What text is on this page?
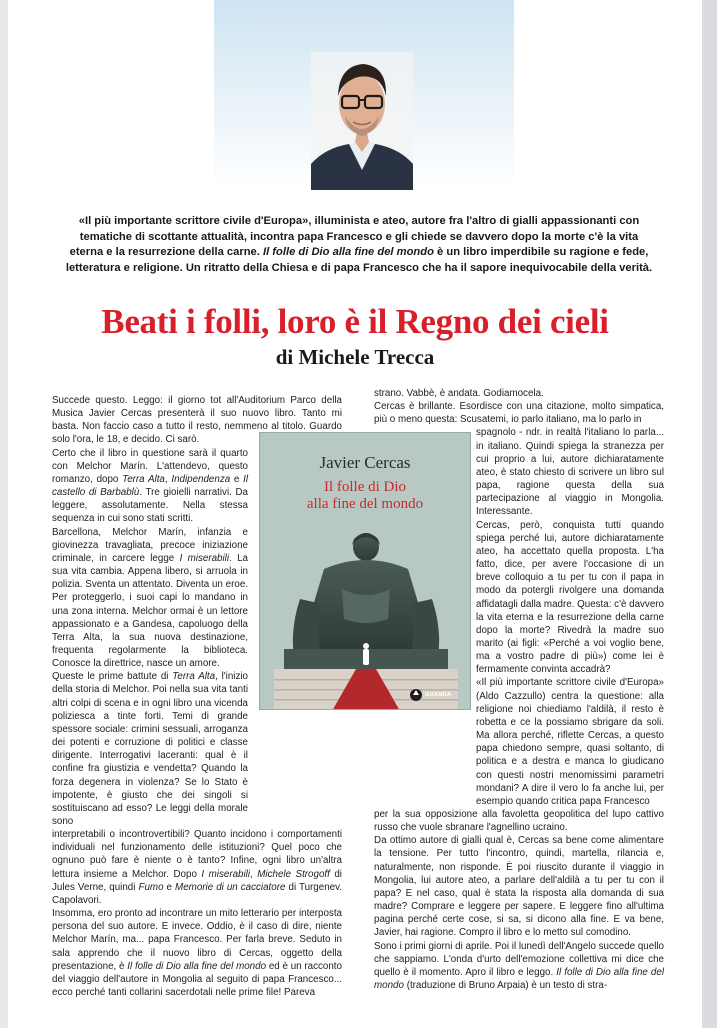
«Il più importante scrittore civile d'Europa», illuminista e ateo, autore fra l'altro di gialli appassionanti con tematiche di scottante attualità, incontra papa Francesco e gli chiede se davvero dopo la morte c'è la vita eterna e la resurrezione della carne. Il folle di Dio alla fine del mondo è un libro imperdibile su ragione e fede, letteratura e religione. Un ritratto della Chiesa e di papa Francesco che ha il sapore inequivocabile della verità.
Beati i folli, loro è il Regno dei cieli
di Michele Trecca

Succede questo. Leggo: il giorno tot all'Auditorium Parco della Musica Javier Cercas presenterà il suo nuovo libro. Tanto mi basta. Non faccio caso a tutto il resto, nemmeno al titolo. Guardo solo l'ora, le 18, e decido. Ci sarò.

Certo che il libro in questione sarà il quarto con Melchor Marín. L'attendevo, questo romanzo, dopo Terra Alta, Indipendenza e Il castello di Barbablù. Tre gioielli narrativi. Da leggere, assolutamente. Nella stessa sequenza in cui sono stati scritti.

Barcellona, Melchor Marín, infanzia e giovinezza travagliata, precoce iniziazione criminale, in carcere legge I miserabili. La sua vita cambia. Appena libero, si arruola in polizia. Sventa un attentato. Diventa un eroe. Per proteggerlo, i suoi capi lo mandano in una zona interna. Melchor ormai è un lettore appassionato e a Gandesa, capoluogo della Terra Alta, la sua nuova destinazione, frequenta regolarmente la biblioteca. Conosce la direttrice, nasce un amore.

Queste le prime battute di Terra Alta, l'inizio della storia di Melchor. Poi nella sua vita tanti altri colpi di scena e in ogni libro una vicenda poliziesca a tinte forti. Temi di grande spessore sociale: crimini sessuali, arroganza dei potenti e corruzione di politici e classe dirigente. Interrogativi laceranti: qual è il confine fra giustizia e vendetta? Quando la forza degenera in violenza? Se lo Stato è impotente, è giusto che dei singoli si sostituiscano ad esso? Le leggi della morale sono

interpretabili o incontrovertibili? Quanto incidono i comportamenti individuali nel funzionamento delle istituzioni? Quel poco che ognuno può fare è niente o è tanto? Infine, ogni libro un'altra lettura insieme a Melchor. Dopo I miserabili, Michele Strogoff di Jules Verne, quindi Fumo e Memorie di un cacciatore di Turgenev. Capolavori.

Insomma, ero pronto ad incontrare un mito letterario per interposta persona del suo autore. E invece. Oddio, è il caso di dire, niente Melchor Marín, ma... papa Francesco. Per farla breve. Seduto in sala apprendo che il nuovo libro di Cercas, oggetto della presentazione, è Il folle di Dio alla fine del mondo ed è un racconto del viaggio dell'autore in Mongolia al seguito di papa Francesco... ecco perché tanti collarini sacerdotali nelle prime file! Pareva

strano. Vabbè, è andata. Godiamocela.

Cercas è brillante. Esordisce con una citazione, molto simpatica, più o meno questa: Scusatemi, io parlo italiano, ma lo parlo in

spagnolo - ndr. in realtà l'italiano lo parla... in italiano. Quindi spiega la stranezza per cui proprio a lui, autore dichiaratamente ateo, è stato chiesto di scrivere un libro sul papa, ragione questa della sua partecipazione al viaggio in Mongolia. Interessante.

Cercas, però, conquista tutti quando spiega perché lui, autore dichiaratamente ateo, ha accettato quella proposta. L'ha fatto, dice, per avere l'occasione di un breve colloquio a tu per tu con il papa in modo da potergli rivolgere una domanda affidatagli dalla madre. Questa: c'è davvero la vita eterna e la resurrezione della carne dopo la morte? Rivedrà la madre suo marito (ai figli: «Perché a voi voglio bene, ma a vostro padre di più») come lei è fermamente convinta accadrà?

«Il più importante scrittore civile d'Europa» (Aldo Cazzullo) centra la questione: alla religione noi chiediamo l'aldilà, il resto è robetta e ce la possiamo sbrigare da soli. Ma allora perché, riflette Cercas, a questo papa chiedono sempre, quasi soltanto, di politica e a destra e manca lo giudicano con questi nostri menomissimi parametri mondani? A dire il vero lo fa anche lui, per esempio quando critica papa Francesco

per la sua opposizione alla favoletta geopolitica del lupo cattivo russo che vuole sbranare l'agnellino ucraino.

Da ottimo autore di gialli qual è, Cercas sa bene come alimentare la tensione. Per tutto l'incontro, quindi, martella, rilancia e, naturalmente, non risponde. È poi riuscito durante il viaggio in Mongolia, lui autore ateo, a parlare dell'aldilà a tu per tu con il papa? E nel caso, qual è stata la risposta alla domanda di sua madre? Comprare e leggere per sapere. E leggere fino all'ultima pagina perché certe cose, si sa, si dicono alla fine. E va bene, Javier, hai ragione. Compro il libro e lo metto sul comodino.

Sono i primi giorni di aprile. Poi il lunedì dell'Angelo succede quello che sappiamo. L'onda d'urto dell'emozione collettiva mi dice che quello è il momento. Apro il libro e leggo. Il folle di Dio alla fine del mondo (traduzione di Bruno Arpaia) è un testo di stra-

Javier Cercas
Il folle di Dio
alla fine del mondo
GUANDA
